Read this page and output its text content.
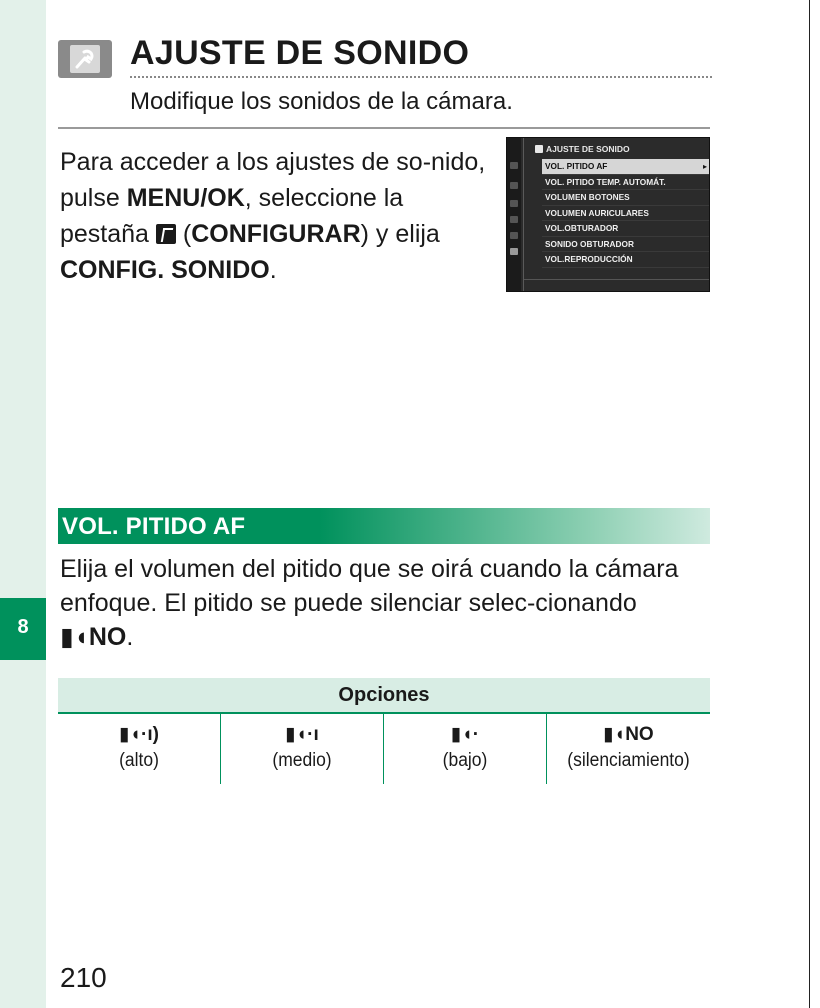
8
AJUSTE DE SONIDO
Modifique los sonidos de la cámara.
Para acceder a los ajustes de so-nido, pulse MENU/OK, seleccione la pestaña  (CONFIGURAR) y elija CONFIG. SONIDO.
AJUSTE DE SONIDO
VOL. PITIDO AF ▸
VOL. PITIDO TEMP. AUTOMÁT.
VOLUMEN BOTONES
VOLUMEN AURICULARES
VOL.OBTURADOR
SONIDO OBTURADOR
VOL.REPRODUCCIÓN
VOL. PITIDO AF
Elija el volumen del pitido que se oirá cuando la cámara enfoque. El pitido se puede silenciar selec-cionando ▮◖NO.
Opciones
▮◖·ı)
(alto)
▮◖·ı
(medio)
▮◖·
(bajo)
▮◖NO
(silenciamiento)
210
